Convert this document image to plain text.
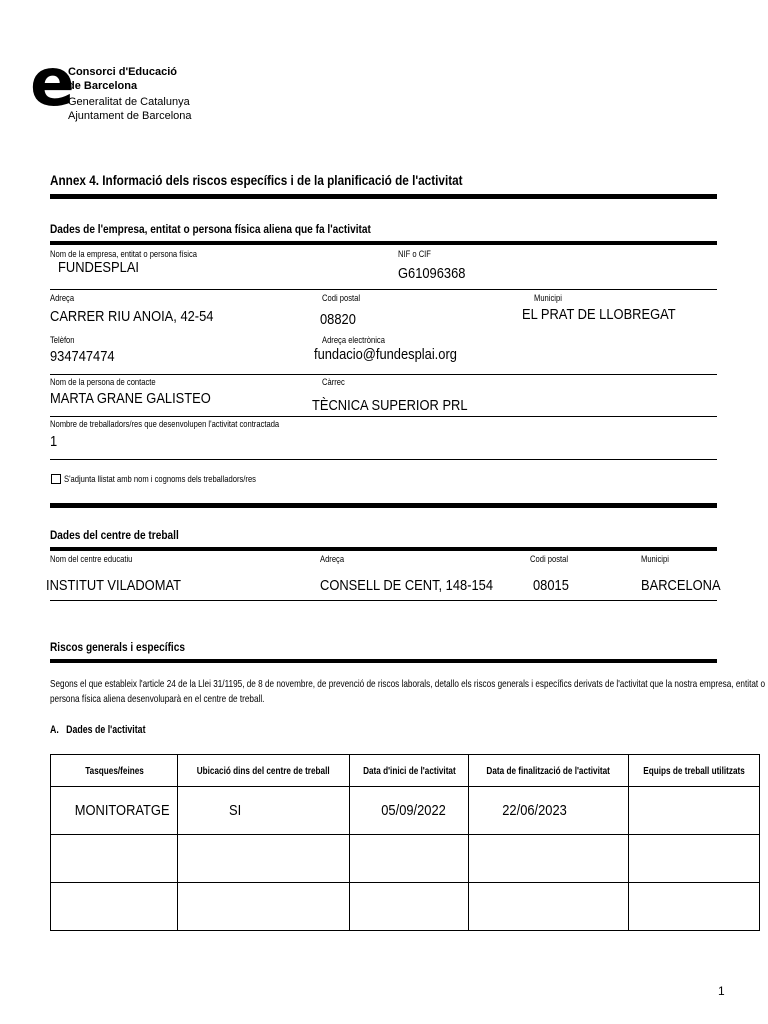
e
Consorci d'Educació
de Barcelona
Generalitat de Catalunya
Ajuntament de Barcelona
Annex 4. Informació dels riscos específics i de la planificació de l'activitat
Dades de l'empresa, entitat o persona física aliena que fa l'activitat
Nom de la empresa, entitat o persona física
FUNDESPLAI
NIF o CIF
G61096368
Adreça
CARRER RIU ANOIA, 42-54
Codi postal
08820
Municipi
EL PRAT DE LLOBREGAT
Telèfon
934747474
Adreça electrònica
fundacio@fundesplai.org
Nom de la persona de contacte
MARTA GRANE GALISTEO
Càrrec
TÈCNICA SUPERIOR PRL
Nombre de treballadors/res que desenvolupen l'activitat contractada
1
S'adjunta llistat amb nom i cognoms dels treballadors/res
Dades del centre de treball
Nom del centre educatiu
INSTITUT VILADOMAT
Adreça
CONSELL DE CENT, 148-154
Codi postal
08015
Municipi
BARCELONA
Riscos generals i específics
Segons el que estableix l'article 24 de la Llei 31/1195, de 8 de novembre, de prevenció de riscos laborals, detallo els riscos generals i específics derivats de l'activitat que la nostra empresa, entitat o
persona física aliena desenvoluparà en el centre de treball.
A.   Dades de l'activitat
Tasques/feines	Ubicació dins del centre de treball	Data d'inici de l'activitat	Data de finalització de l'activitat	Equips de treball utilitzats
MONITORATGE	SI	05/09/2022	22/06/2023	

1
